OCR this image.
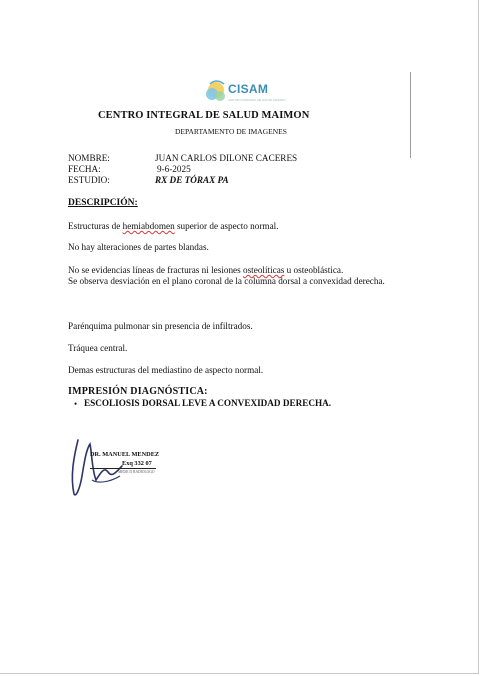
CISAM
CENTRO INTEGRAL DE SALUD MAIMON
CENTRO INTEGRAL DE SALUD MAIMON
DEPARTAMENTO DE IMAGENES
NOMBRE:	JUAN CARLOS DILONE CACERES
FECHA:	9-6-2025
ESTUDIO:	RX DE TÓRAX PA
DESCRIPCIÓN:
Estructuras de hemiabdomen superior de aspecto normal.
No hay alteraciones de partes blandas.
No se evidencias líneas de fracturas ni lesiones osteolíticas u osteoblástica.
Se observa desviación en el plano coronal de la columna dorsal a convexidad derecha.
Parénquima pulmonar sin presencia de infiltrados.
Tráquea central.
Demas estructuras del mediastino de aspecto normal.
IMPRESIÓN DIAGNÓSTICA:
• ESCOLIOSIS DORSAL LEVE A CONVEXIDAD DERECHA.
DR. MANUEL MENDEZ
Exq 332 07
MEDICO RADIOLOGO
